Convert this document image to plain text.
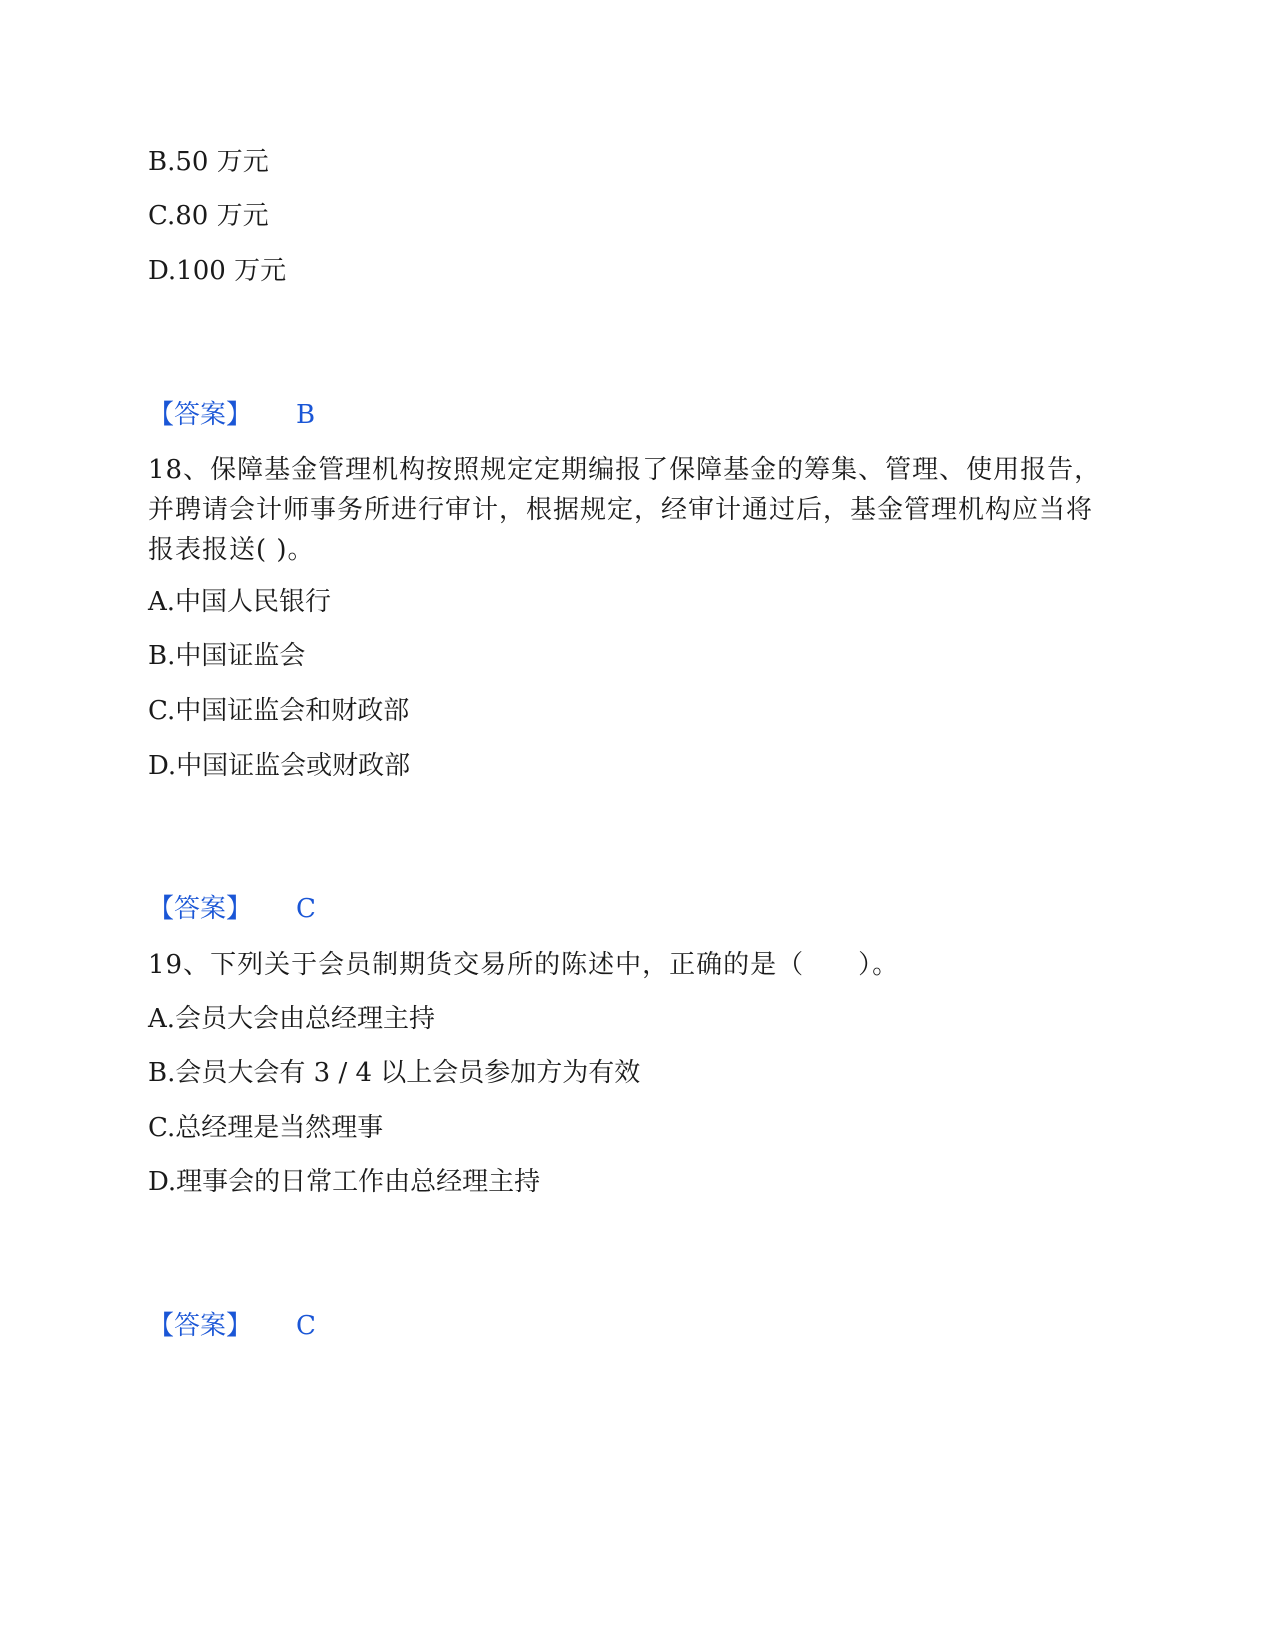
B.50 万元
C.80 万元
D.100 万元
【答案】 B
18、保障基金管理机构按照规定定期编报了保障基金的筹集、管理、使用报告，并聘请会计师事务所进行审计，根据规定，经审计通过后，基金管理机构应当将报表报送( )。
A.中国人民银行
B.中国证监会
C.中国证监会和财政部
D.中国证监会或财政部
【答案】 C
19、下列关于会员制期货交易所的陈述中，正确的是（　　）。
A.会员大会由总经理主持
B.会员大会有 3 / 4 以上会员参加方为有效
C.总经理是当然理事
D.理事会的日常工作由总经理主持
【答案】 C
